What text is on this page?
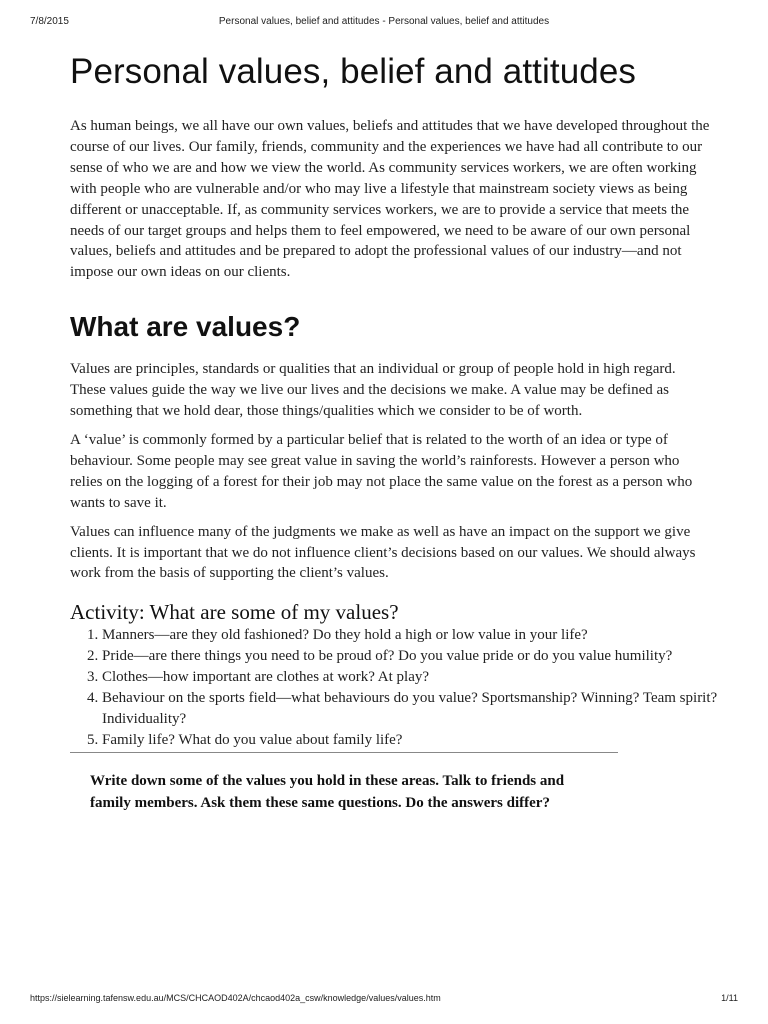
7/8/2015	Personal values, belief and attitudes - Personal values, belief and attitudes
Personal values, belief and attitudes

As human beings, we all have our own values, beliefs and attitudes that we have developed throughout the course of our lives. Our family, friends, community and the experiences we have had all contribute to our sense of who we are and how we view the world. As community services workers, we are often working with people who are vulnerable and/or who may live a lifestyle that mainstream society views as being different or unacceptable. If, as community services workers, we are to provide a service that meets the needs of our target groups and helps them to feel empowered, we need to be aware of our own personal values, beliefs and attitudes and be prepared to adopt the professional values of our industry—and not impose our own ideas on our clients.

What are values?

Values are principles, standards or qualities that an individual or group of people hold in high regard. These values guide the way we live our lives and the decisions we make. A value may be defined as something that we hold dear, those things/qualities which we consider to be of worth.

A ‘value’ is commonly formed by a particular belief that is related to the worth of an idea or type of behaviour. Some people may see great value in saving the world’s rainforests. However a person who relies on the logging of a forest for their job may not place the same value on the forest as a person who wants to save it.

Values can influence many of the judgments we make as well as have an impact on the support we give clients. It is important that we do not influence client’s decisions based on our values. We should always work from the basis of supporting the client’s values.

Activity: What are some of my values?
1. Manners—are they old fashioned? Do they hold a high or low value in your life?
2. Pride—are there things you need to be proud of? Do you value pride or do you value humility?
3. Clothes—how important are clothes at work? At play?
4. Behaviour on the sports field—what behaviours do you value? Sportsmanship? Winning? Team spirit? Individuality?
5. Family life? What do you value about family life?
Write down some of the values you hold in these areas. Talk to friends and family members. Ask them these same questions. Do the answers differ?
https://sielearning.tafensw.edu.au/MCS/CHCAOD402A/chcaod402a_csw/knowledge/values/values.htm	1/11
